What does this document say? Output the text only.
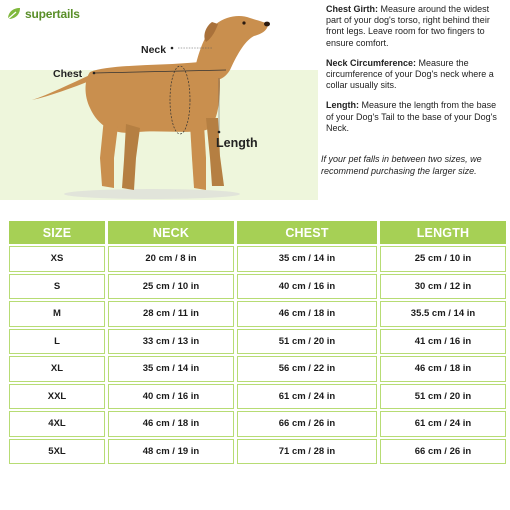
supertails
Neck
Chest
Length

Chest Girth: Measure around the widest part of your dog's torso, right behind their front legs. Leave room for two fingers to ensure comfort.

Neck Circumference: Measure the circumference of your Dog's neck where a collar usually sits.

Length: Measure the length from the base of your Dog's Tail to the base of your Dog's Neck.

If your pet falls in between two sizes, we recommend purchasing the larger size.

SIZE	NECK	CHEST	LENGTH
XS	20 cm / 8 in	35 cm / 14 in	25 cm / 10 in
S	25 cm / 10 in	40 cm / 16 in	30 cm / 12 in
M	28 cm / 11 in	46 cm / 18 in	35.5 cm / 14 in
L	33 cm / 13 in	51 cm / 20 in	41 cm / 16 in
XL	35 cm / 14 in	56 cm / 22 in	46 cm / 18 in
XXL	40 cm / 16 in	61 cm / 24 in	51 cm / 20 in
4XL	46 cm / 18 in	66 cm / 26 in	61 cm / 24 in
5XL	48 cm / 19 in	71 cm / 28 in	66 cm / 26 in
